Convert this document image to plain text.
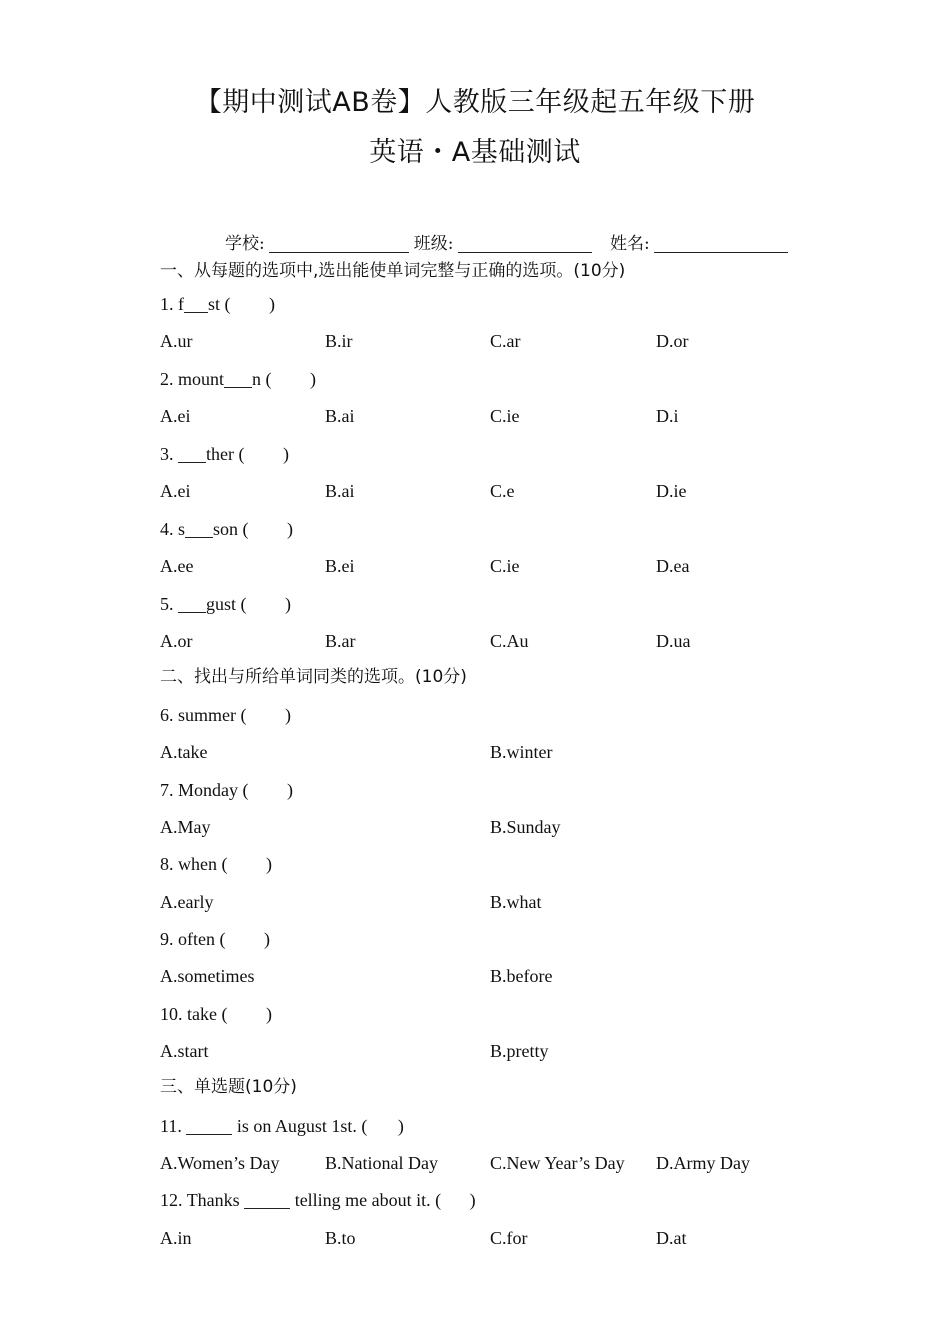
【期中测试AB卷】人教版三年级起五年级下册
英语・A基础测试
学校:	班级:	姓名:
一、从每题的选项中,选出能使单词完整与正确的选项。(10分)
1. f st ( )
A.ur	B.ir	C.ar	D.or
2. mount n ( )
A.ei	B.ai	C.ie	D.i
3. ther ( )
A.ei	B.ai	C.e	D.ie
4. s son ( )
A.ee	B.ei	C.ie	D.ea
5. gust ( )
A.or	B.ar	C.Au	D.ua
二、找出与所给单词同类的选项。(10分)
6. summer ( )
A.take	B.winter
7. Monday ( )
A.May	B.Sunday
8. when ( )
A.early	B.what
9. often ( )
A.sometimes	B.before
10. take ( )
A.start	B.pretty
三、单选题(10分)
11.	is on August 1st. ( )
A.Women’s Day	B.National Day	C.New Year’s Day D.Army Day
12. Thanks	telling me about it. ( )
A.in	B.to	C.for	D.at
